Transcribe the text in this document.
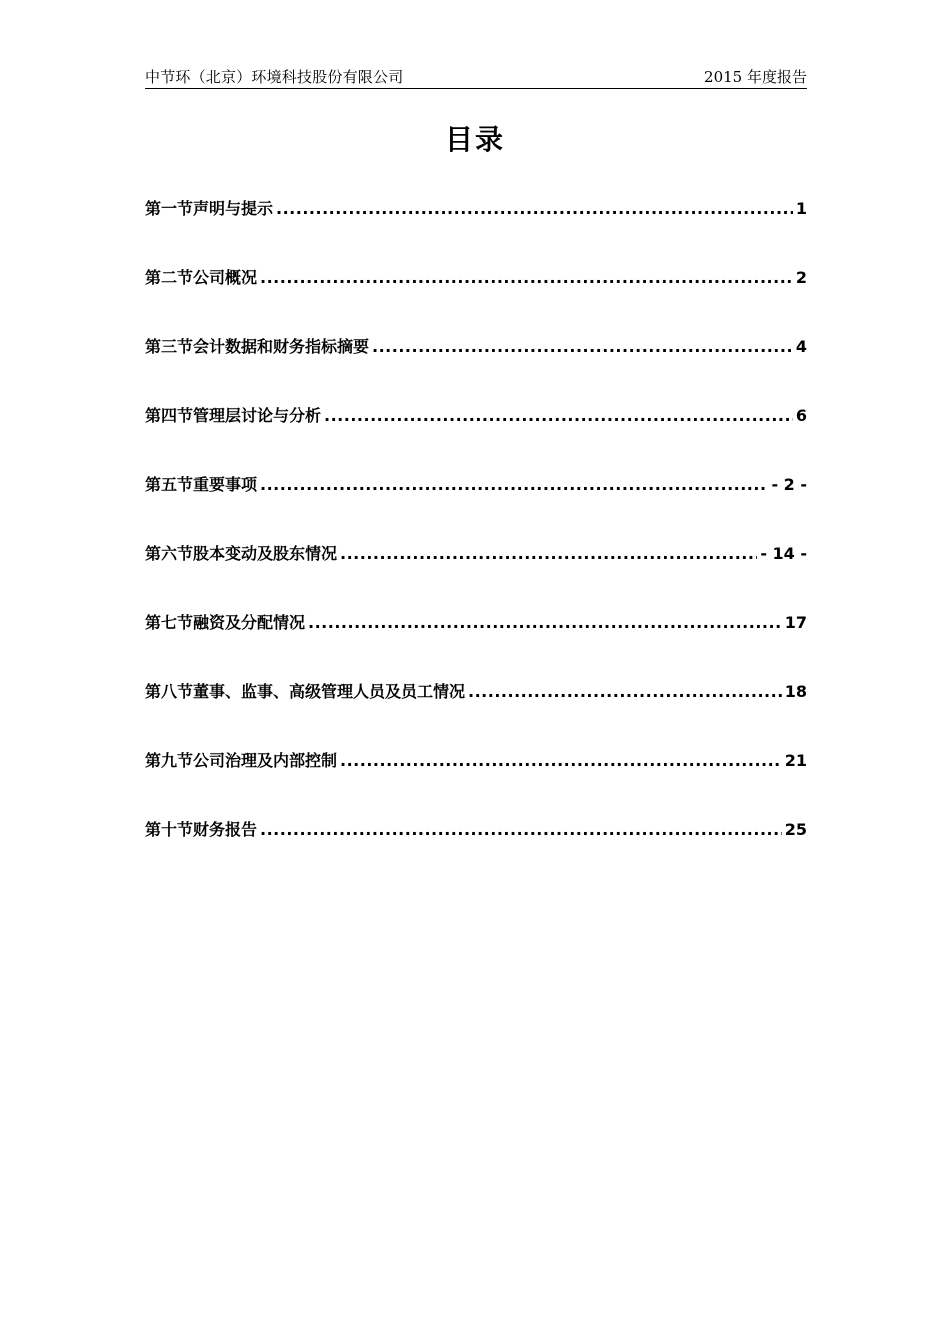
中节环（北京）环境科技股份有限公司	2015 年度报告
目录
第一节声明与提示 .....	1
第二节公司概况 .....	2
第三节会计数据和财务指标摘要 .....	4
第四节管理层讨论与分析 .....	6
第五节重要事项 .....	- 2 -
第六节股本变动及股东情况 .....	- 14 -
第七节融资及分配情况 .....	17
第八节董事、监事、高级管理人员及员工情况 .....	18
第九节公司治理及内部控制 .....	21
第十节财务报告 .....	25
